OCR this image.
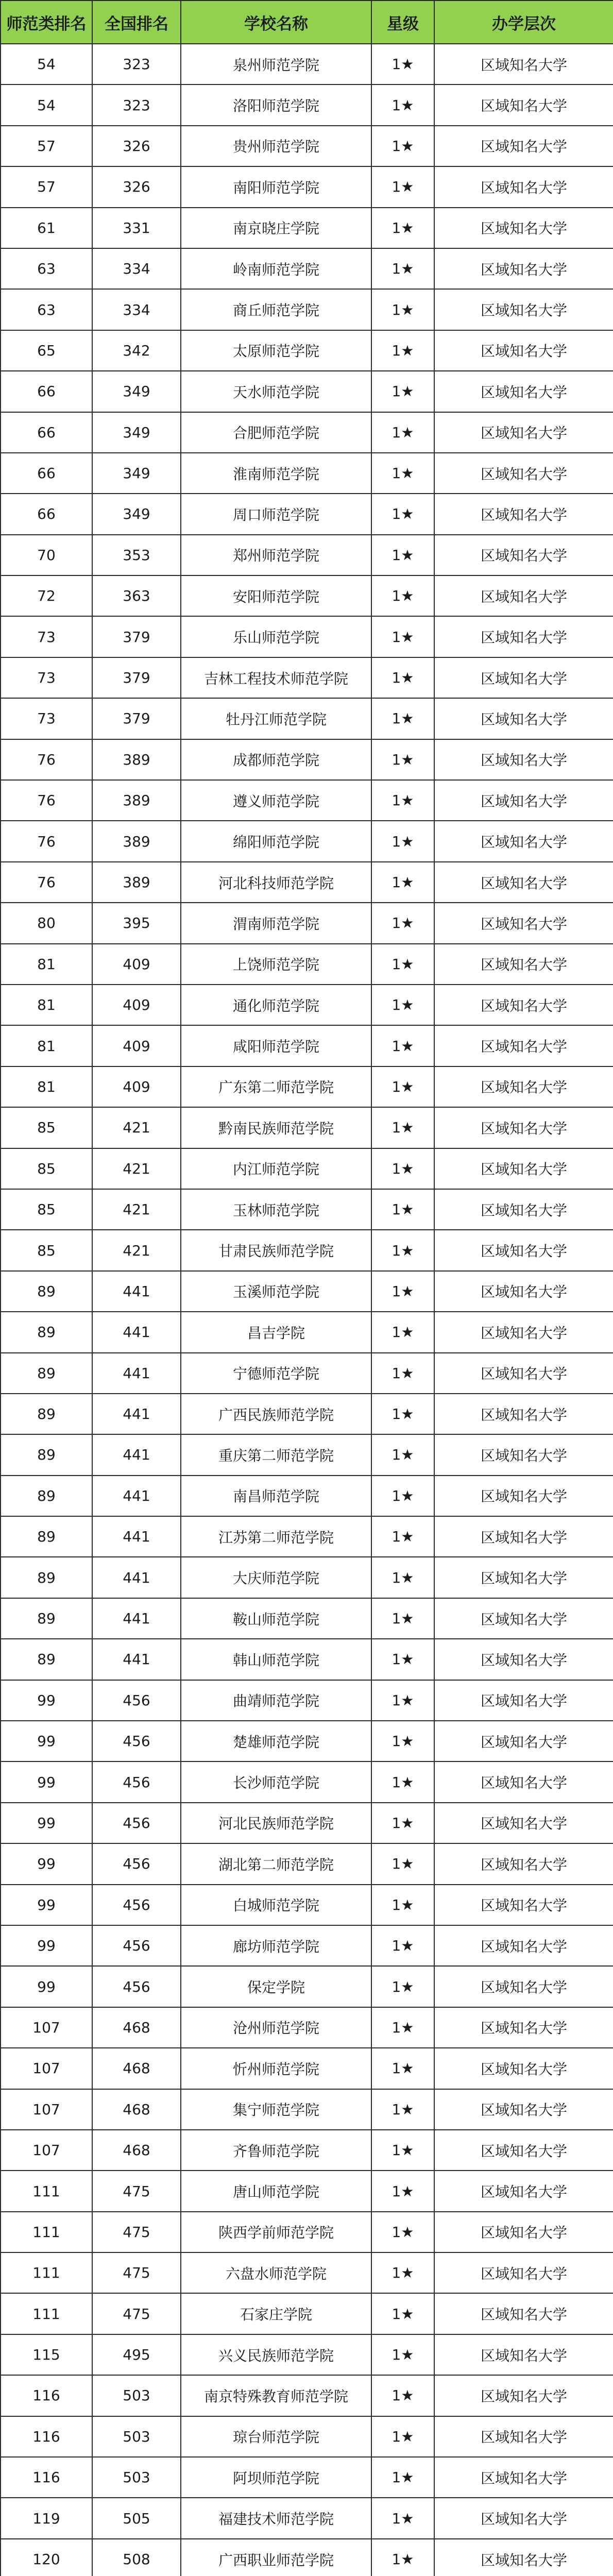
师范类排名	全国排名	学校名称	星级	办学层次
54	323	泉州师范学院	1★	区域知名大学
54	323	洛阳师范学院	1★	区域知名大学
57	326	贵州师范学院	1★	区域知名大学
57	326	南阳师范学院	1★	区域知名大学
61	331	南京晓庄学院	1★	区域知名大学
63	334	岭南师范学院	1★	区域知名大学
63	334	商丘师范学院	1★	区域知名大学
65	342	太原师范学院	1★	区域知名大学
66	349	天水师范学院	1★	区域知名大学
66	349	合肥师范学院	1★	区域知名大学
66	349	淮南师范学院	1★	区域知名大学
66	349	周口师范学院	1★	区域知名大学
70	353	郑州师范学院	1★	区域知名大学
72	363	安阳师范学院	1★	区域知名大学
73	379	乐山师范学院	1★	区域知名大学
73	379	吉林工程技术师范学院	1★	区域知名大学
73	379	牡丹江师范学院	1★	区域知名大学
76	389	成都师范学院	1★	区域知名大学
76	389	遵义师范学院	1★	区域知名大学
76	389	绵阳师范学院	1★	区域知名大学
76	389	河北科技师范学院	1★	区域知名大学
80	395	渭南师范学院	1★	区域知名大学
81	409	上饶师范学院	1★	区域知名大学
81	409	通化师范学院	1★	区域知名大学
81	409	咸阳师范学院	1★	区域知名大学
81	409	广东第二师范学院	1★	区域知名大学
85	421	黔南民族师范学院	1★	区域知名大学
85	421	内江师范学院	1★	区域知名大学
85	421	玉林师范学院	1★	区域知名大学
85	421	甘肃民族师范学院	1★	区域知名大学
89	441	玉溪师范学院	1★	区域知名大学
89	441	昌吉学院	1★	区域知名大学
89	441	宁德师范学院	1★	区域知名大学
89	441	广西民族师范学院	1★	区域知名大学
89	441	重庆第二师范学院	1★	区域知名大学
89	441	南昌师范学院	1★	区域知名大学
89	441	江苏第二师范学院	1★	区域知名大学
89	441	大庆师范学院	1★	区域知名大学
89	441	鞍山师范学院	1★	区域知名大学
89	441	韩山师范学院	1★	区域知名大学
99	456	曲靖师范学院	1★	区域知名大学
99	456	楚雄师范学院	1★	区域知名大学
99	456	长沙师范学院	1★	区域知名大学
99	456	河北民族师范学院	1★	区域知名大学
99	456	湖北第二师范学院	1★	区域知名大学
99	456	白城师范学院	1★	区域知名大学
99	456	廊坊师范学院	1★	区域知名大学
99	456	保定学院	1★	区域知名大学
107	468	沧州师范学院	1★	区域知名大学
107	468	忻州师范学院	1★	区域知名大学
107	468	集宁师范学院	1★	区域知名大学
107	468	齐鲁师范学院	1★	区域知名大学
111	475	唐山师范学院	1★	区域知名大学
111	475	陕西学前师范学院	1★	区域知名大学
111	475	六盘水师范学院	1★	区域知名大学
111	475	石家庄学院	1★	区域知名大学
115	495	兴义民族师范学院	1★	区域知名大学
116	503	南京特殊教育师范学院	1★	区域知名大学
116	503	琼台师范学院	1★	区域知名大学
116	503	阿坝师范学院	1★	区域知名大学
119	505	福建技术师范学院	1★	区域知名大学
120	508	广西职业师范学院	1★	区域知名大学
